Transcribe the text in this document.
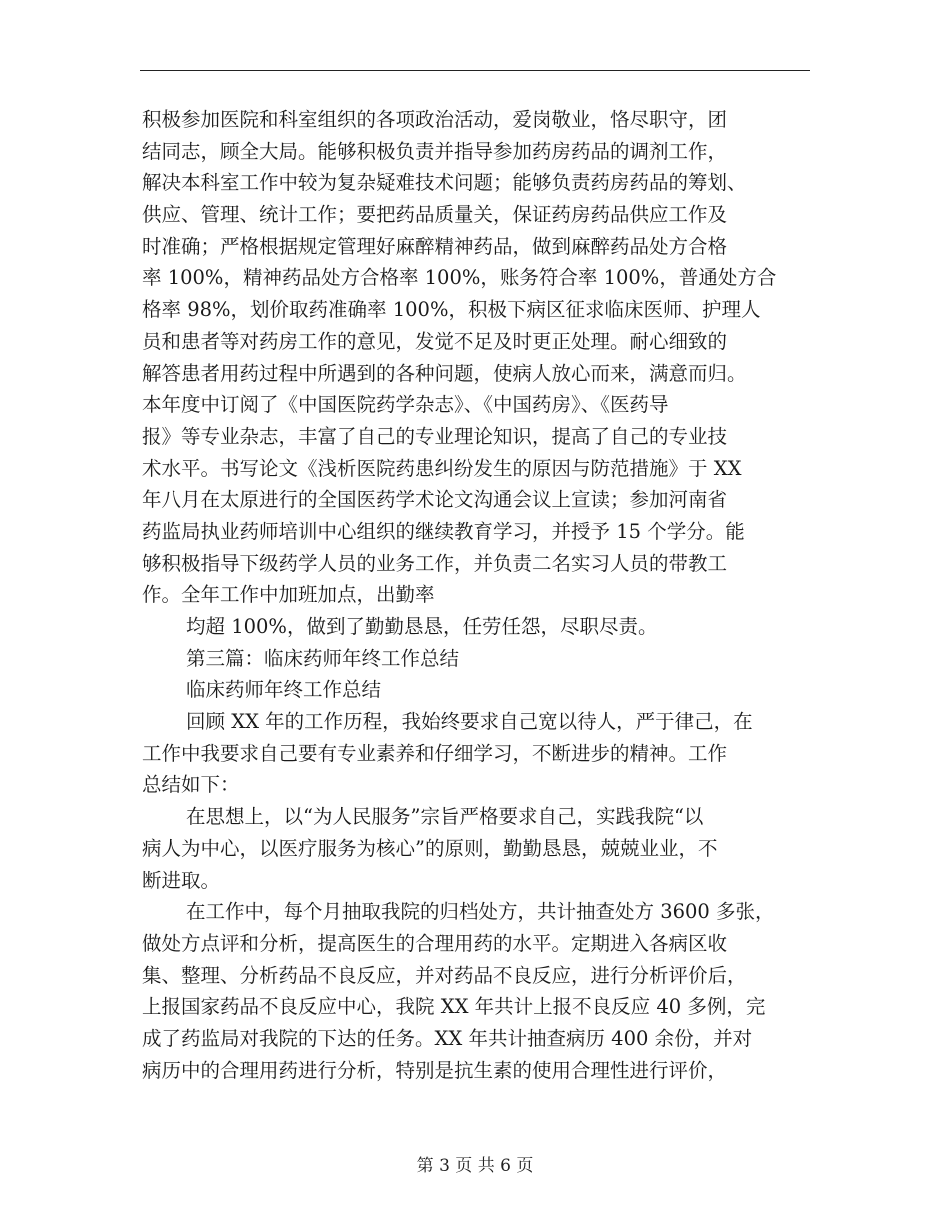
积极参加医院和科室组织的各项政治活动，爱岗敬业，恪尽职守，团
结同志，顾全大局。能够积极负责并指导参加药房药品的调剂工作，
解决本科室工作中较为复杂疑难技术问题；能够负责药房药品的筹划、
供应、管理、统计工作；要把药品质量关，保证药房药品供应工作及
时准确；严格根据规定管理好麻醉精神药品，做到麻醉药品处方合格
率 100%，精神药品处方合格率 100%，账务符合率 100%，普通处方合
格率 98%，划价取药准确率 100%，积极下病区征求临床医师、护理人
员和患者等对药房工作的意见，发觉不足及时更正处理。耐心细致的
解答患者用药过程中所遇到的各种问题，使病人放心而来，满意而归。
本年度中订阅了《中国医院药学杂志》、《中国药房》、《医药导
报》等专业杂志，丰富了自己的专业理论知识，提高了自己的专业技
术水平。书写论文《浅析医院药患纠纷发生的原因与防范措施》于 XX
年八月在太原进行的全国医药学术论文沟通会议上宣读；参加河南省
药监局执业药师培训中心组织的继续教育学习，并授予 15 个学分。能
够积极指导下级药学人员的业务工作，并负责二名实习人员的带教工
作。全年工作中加班加点，出勤率
均超 100%，做到了勤勤恳恳，任劳任怨，尽职尽责。
第三篇：临床药师年终工作总结
临床药师年终工作总结
回顾 XX 年的工作历程，我始终要求自己宽以待人，严于律己，在
工作中我要求自己要有专业素养和仔细学习，不断进步的精神。工作
总结如下：
在思想上，以“为人民服务”宗旨严格要求自己，实践我院“以
病人为中心，以医疗服务为核心”的原则，勤勤恳恳，兢兢业业，不
断进取。
在工作中，每个月抽取我院的归档处方，共计抽查处方 3600 多张，
做处方点评和分析，提高医生的合理用药的水平。定期进入各病区收
集、整理、分析药品不良反应，并对药品不良反应，进行分析评价后，
上报国家药品不良反应中心，我院 XX 年共计上报不良反应 40 多例，完
成了药监局对我院的下达的任务。XX 年共计抽查病历 400 余份，并对
病历中的合理用药进行分析，特别是抗生素的使用合理性进行评价，
第 3 页 共 6 页
